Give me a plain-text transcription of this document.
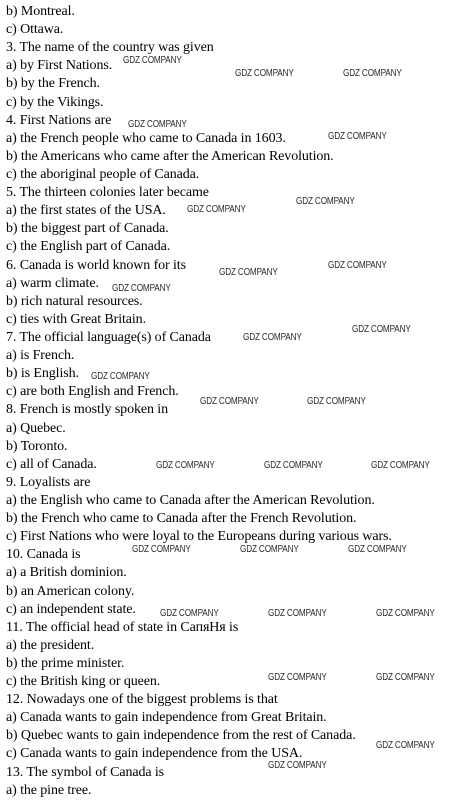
b) Montreal.
c) Ottawa.
3. The name of the country was given
a) by First Nations.
b) by the French.
c) by the Vikings.
4. First Nations are
a) the French people who came to Canada in 1603.
b) the Americans who came after the American Revolution.
c) the aboriginal people of Canada.
5. The thirteen colonies later became
a) the first states of the USA.
b) the biggest part of Canada.
c) the English part of Canada.
6. Canada is world known for its
a) warm climate.
b) rich natural resources.
c) ties with Great Britain.
7. The official language(s) of Canada
a) is French.
b) is English.
c) are both English and French.
8. French is mostly spoken in
a) Quebec.
b) Toronto.
c) all of Canada.
9. Loyalists are
a) the English who came to Canada after the American Revolution.
b) the French who came to Canada after the French Revolution.
c) First Nations who were loyal to the Europeans during various wars.
10. Canada is
a) a British dominion.
b) an American colony.
c) an independent state.
11. The official head of state in СапяНя is
a) the president.
b) the prime minister.
c) the British king or queen.
12. Nowadays one of the biggest problems is that
a) Canada wants to gain independence from Great Britain.
b) Quebec wants to gain independence from the rest of Canada.
c) Canada wants to gain independence from the USA.
13. The symbol of Canada is
a) the pine tree.
GDZ COMPANY
GDZ COMPANY	GDZ COMPANY
GDZ COMPANY
GDZ COMPANY
GDZ COMPANY
GDZ COMPANY
GDZ COMPANY
GDZ COMPANY
GDZ COMPANY
GDZ COMPANY
GDZ COMPANY
GDZ COMPANY
GDZ COMPANY	GDZ COMPANY
GDZ COMPANY	GDZ COMPANY	GDZ COMPANY
GDZ COMPANY	GDZ COMPANY	GDZ COMPANY
GDZ COMPANY	GDZ COMPANY	GDZ COMPANY
GDZ COMPANY	GDZ COMPANY
GDZ COMPANY
GDZ COMPANY
